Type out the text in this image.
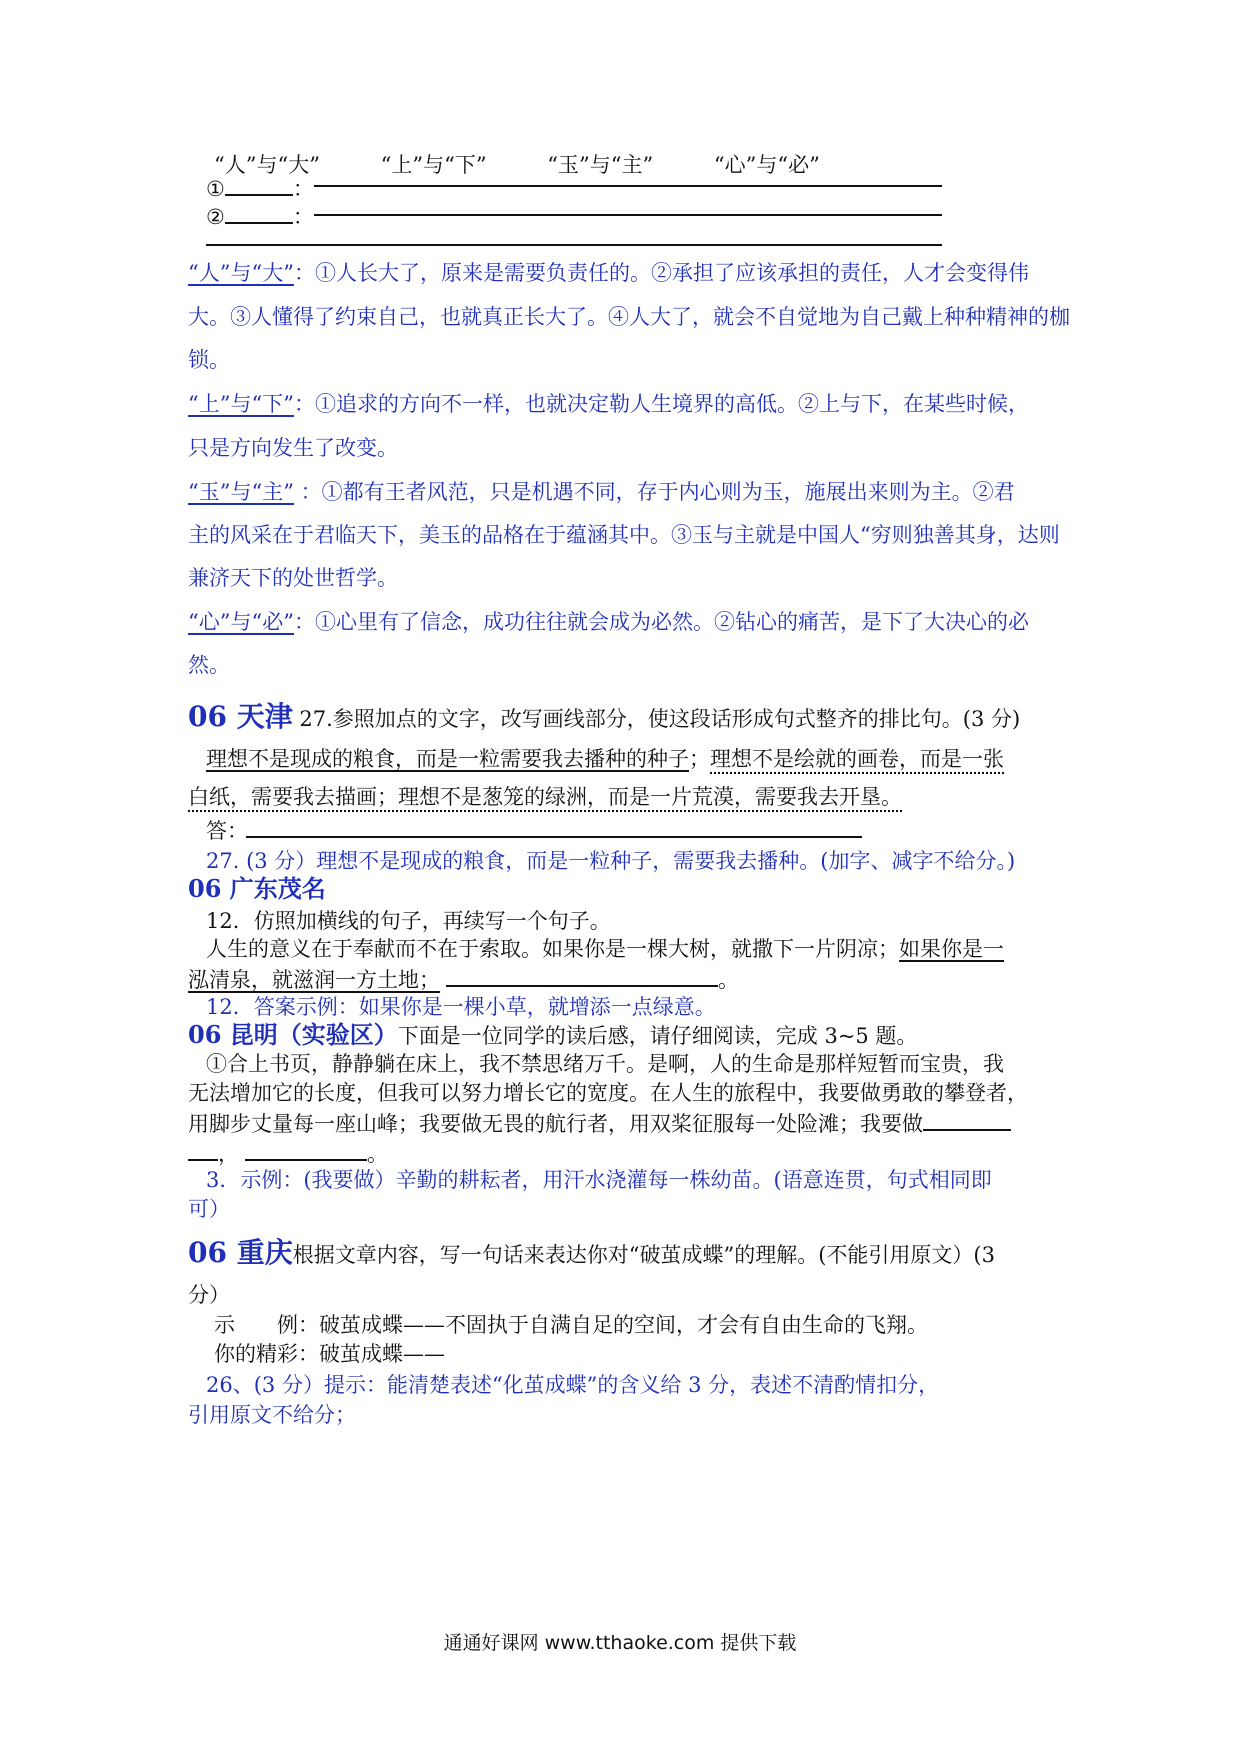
“人”与“大”	“上”与“下”	“玉”与“主”	“心”与“必”
①	：
②	：
“人”与“大”：①人长大了，原来是需要负责任的。②承担了应该承担的责任，人才会变得伟
大。③人懂得了约束自己，也就真正长大了。④人大了，就会不自觉地为自己戴上种种精神的枷
锁。
“上”与“下”：①追求的方向不一样，也就决定勒人生境界的高低。②上与下，在某些时候，
只是方向发生了改变。
“玉”与“主” ：①都有王者风范，只是机遇不同，存于内心则为玉，施展出来则为主。②君
主的风采在于君临天下，美玉的品格在于蕴涵其中。③玉与主就是中国人“穷则独善其身，达则
兼济天下的处世哲学。
“心”与“必”：①心里有了信念，成功往往就会成为必然。②钻心的痛苦，是下了大决心的必
然。
06 天津 27.参照加点的文字，改写画线部分，使这段话形成句式整齐的排比句。(3 分)
理想不是现成的粮食，而是一粒需要我去播种的种子；理想不是绘就的画卷，而是一张
白纸，需要我去描画；理想不是葱笼的绿洲，而是一片荒漠，需要我去开垦。
答：
27. (3 分）理想不是现成的粮食，而是一粒种子，需要我去播种。(加字、减字不给分。)
06 广东茂名
12．仿照加横线的句子，再续写一个句子。
人生的意义在于奉献而不在于索取。如果你是一棵大树，就撒下一片阴凉；如果你是一
泓清泉，就滋润一方土地；	。
12．答案示例：如果你是一棵小草，就增添一点绿意。
06 昆明（实验区）下面是一位同学的读后感，请仔细阅读，完成 3~5 题。
①合上书页，静静躺在床上，我不禁思绪万千。是啊，人的生命是那样短暂而宝贵，我
无法增加它的长度，但我可以努力增长它的宽度。在人生的旅程中，我要做勇敢的攀登者，
用脚步丈量每一座山峰；我要做无畏的航行者，用双桨征服每一处险滩；我要做
，	。
3．示例：(我要做）辛勤的耕耘者，用汗水浇灌每一株幼苗。(语意连贯，句式相同即
可）
06 重庆根据文章内容，写一句话来表达你对“破茧成蝶”的理解。(不能引用原文）(3
分）
示　　例：破茧成蝶——不固执于自满自足的空间，才会有自由生命的飞翔。
你的精彩：破茧成蝶——
26、(3 分）提示：能清楚表述“化茧成蝶”的含义给 3 分，表述不清酌情扣分，
引用原文不给分；
通通好课网 www.tthaoke.com 提供下载
